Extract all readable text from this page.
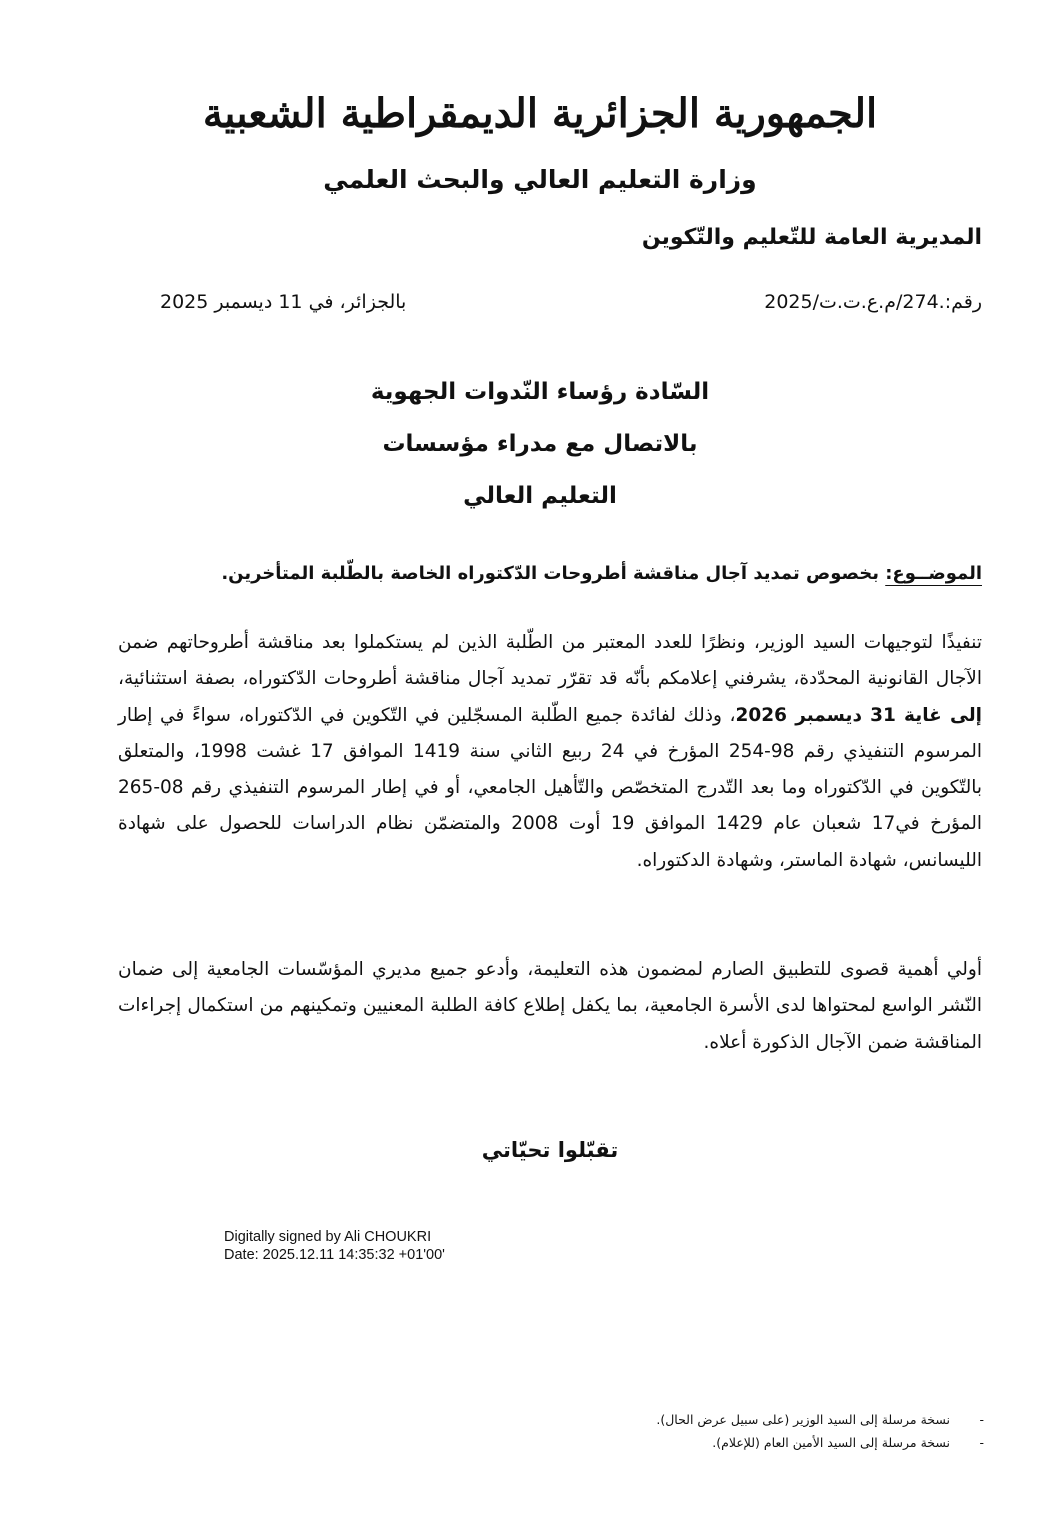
الجمهورية الجزائرية الديمقراطية الشعبية
وزارة التعليم العالي والبحث العلمي
المديرية العامة للتّعليم والتّكوين
رقم:.274/م.ع.ت.ت/2025
بالجزائر، في 11 ديسمبر 2025
السّادة رؤساء النّدوات الجهوية
بالاتصال مع مدراء مؤسسات
التعليم العالي
الموضــوع: بخصوص تمديد آجال مناقشة أطروحات الدّكتوراه الخاصة بالطّلبة المتأخرين.

تنفيذًا لتوجيهات السيد الوزير، ونظرًا للعدد المعتبر من الطّلبة الذين لم يستكملوا بعد مناقشة أطروحاتهم ضمن الآجال القانونية المحدّدة، يشرفني إعلامكم بأنّه قد تقرّر تمديد آجال مناقشة أطروحات الدّكتوراه، بصفة استثنائية، إلى غاية 31 ديسمبر 2026، وذلك لفائدة جميع الطّلبة المسجّلين في التّكوين في الدّكتوراه، سواءً في إطار المرسوم التنفيذي رقم 98-254 المؤرخ في 24 ربيع الثاني سنة 1419 الموافق 17 غشت 1998، والمتعلق بالتّكوين في الدّكتوراه وما بعد التّدرج المتخصّص والتّأهيل الجامعي، أو في إطار المرسوم التنفيذي رقم 08-265 المؤرخ في17 شعبان عام 1429 الموافق 19 أوت 2008 والمتضمّن نظام الدراسات للحصول على شهادة الليسانس، شهادة الماستر، وشهادة الدكتوراه.

أولي أهمية قصوى للتطبيق الصارم لمضمون هذه التعليمة، وأدعو جميع مديري المؤسّسات الجامعية إلى ضمان النّشر الواسع لمحتواها لدى الأسرة الجامعية، بما يكفل إطلاع كافة الطلبة المعنيين وتمكينهم من استكمال إجراءات المناقشة ضمن الآجال الذكورة أعلاه.

تقبّلوا تحيّاتي
Digitally signed by Ali CHOUKRI
Date: 2025.12.11 14:35:32 +01'00'
-
نسخة مرسلة إلى السيد الوزير (على سبيل عرض الحال).
-
نسخة مرسلة إلى السيد الأمين العام (للإعلام).
